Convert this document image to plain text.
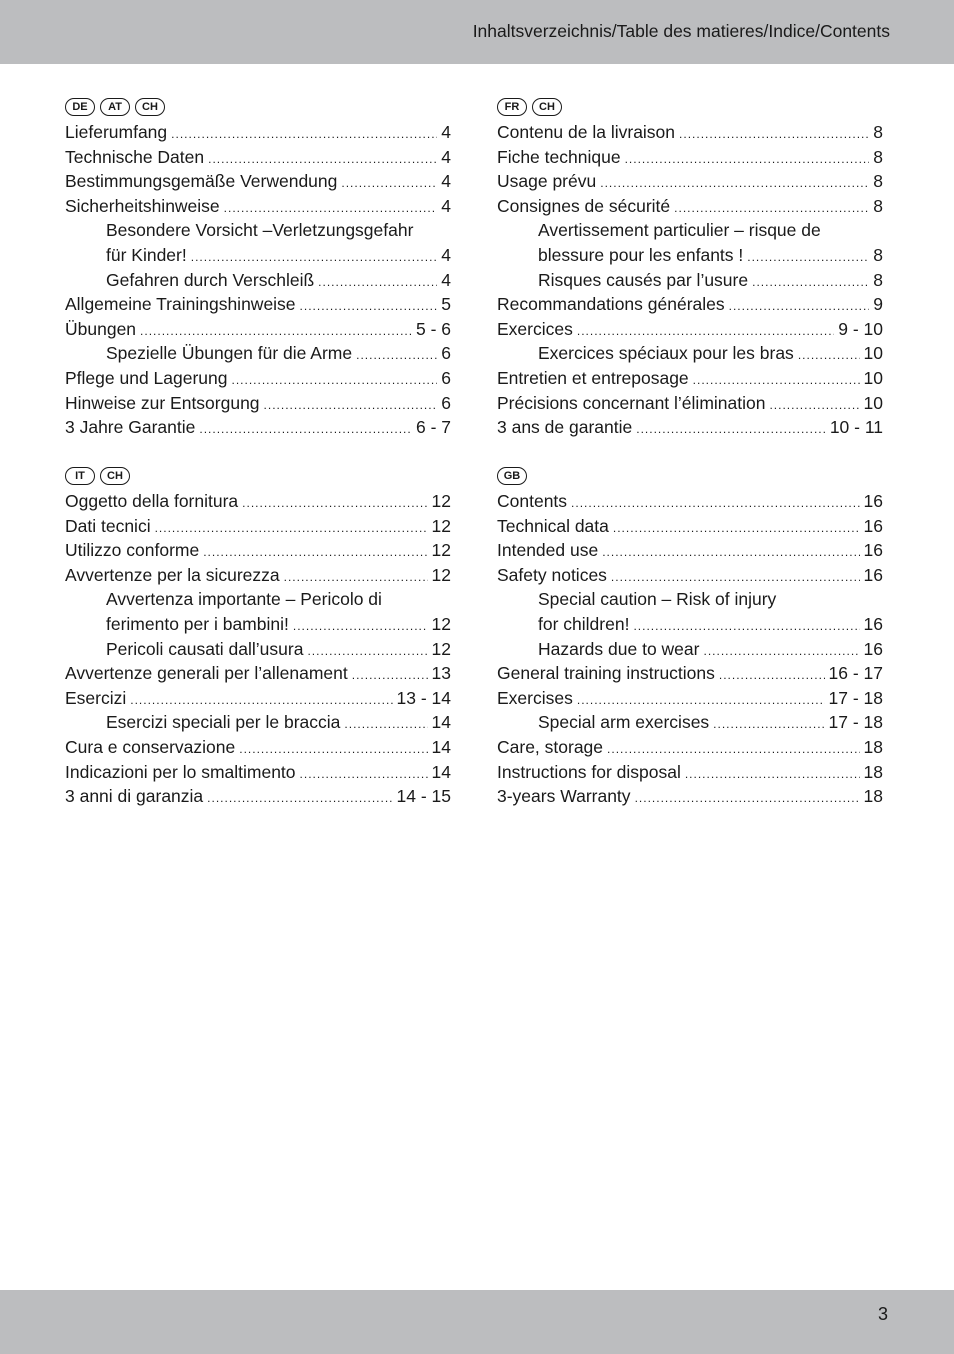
Inhaltsverzeichnis/Table des matieres/Indice/Contents
DE	AT	CH
Lieferumfang .....	4
Technische Daten .....	4
Bestimmungsgemäße Verwendung .....	4
Sicherheitshinweise .....	4
Besondere Vorsicht –Verletzungsgefahr
für Kinder! .....	4
Gefahren durch Verschleiß .....	4
Allgemeine Trainingshinweise .....	5
Übungen .....	5 - 6
Spezielle Übungen für die Arme .....	6
Pflege und Lagerung .....	6
Hinweise zur Entsorgung .....	6
3 Jahre Garantie .....	6 - 7
FR	CH
Contenu de la livraison .....	8
Fiche technique .....	8
Usage prévu .....	8
Consignes de sécurité .....	8
Avertissement particulier – risque de
blessure pour les enfants ! .....	8
Risques causés par l’usure .....	8
Recommandations générales .....	9
Exercices .....	9 - 10
Exercices spéciaux pour les bras .....	10
Entretien et entreposage .....	10
Précisions concernant l’élimination .....	10
3 ans de garantie .....	10 - 11
IT	CH
Oggetto della fornitura .....	12
Dati tecnici .....	12
Utilizzo conforme .....	12
Avvertenze per la sicurezza .....	12
Avvertenza importante – Pericolo di
ferimento per i bambini! .....	12
Pericoli causati dall’usura .....	12
Avvertenze generali per l’allenament .....	13
Esercizi .....	13 - 14
Esercizi speciali per le braccia .....	14
Cura e conservazione .....	14
Indicazioni per lo smaltimento .....	14
3 anni di garanzia .....	14 - 15
GB
Contents .....	16
Technical data .....	16
Intended use .....	16
Safety notices .....	16
Special caution – Risk of injury
for children! .....	16
Hazards due to wear .....	16
General training instructions .....	16 - 17
Exercises .....	17 - 18
Special arm exercises .....	17 - 18
Care, storage .....	18
Instructions for disposal .....	18
3-years Warranty .....	18
3
